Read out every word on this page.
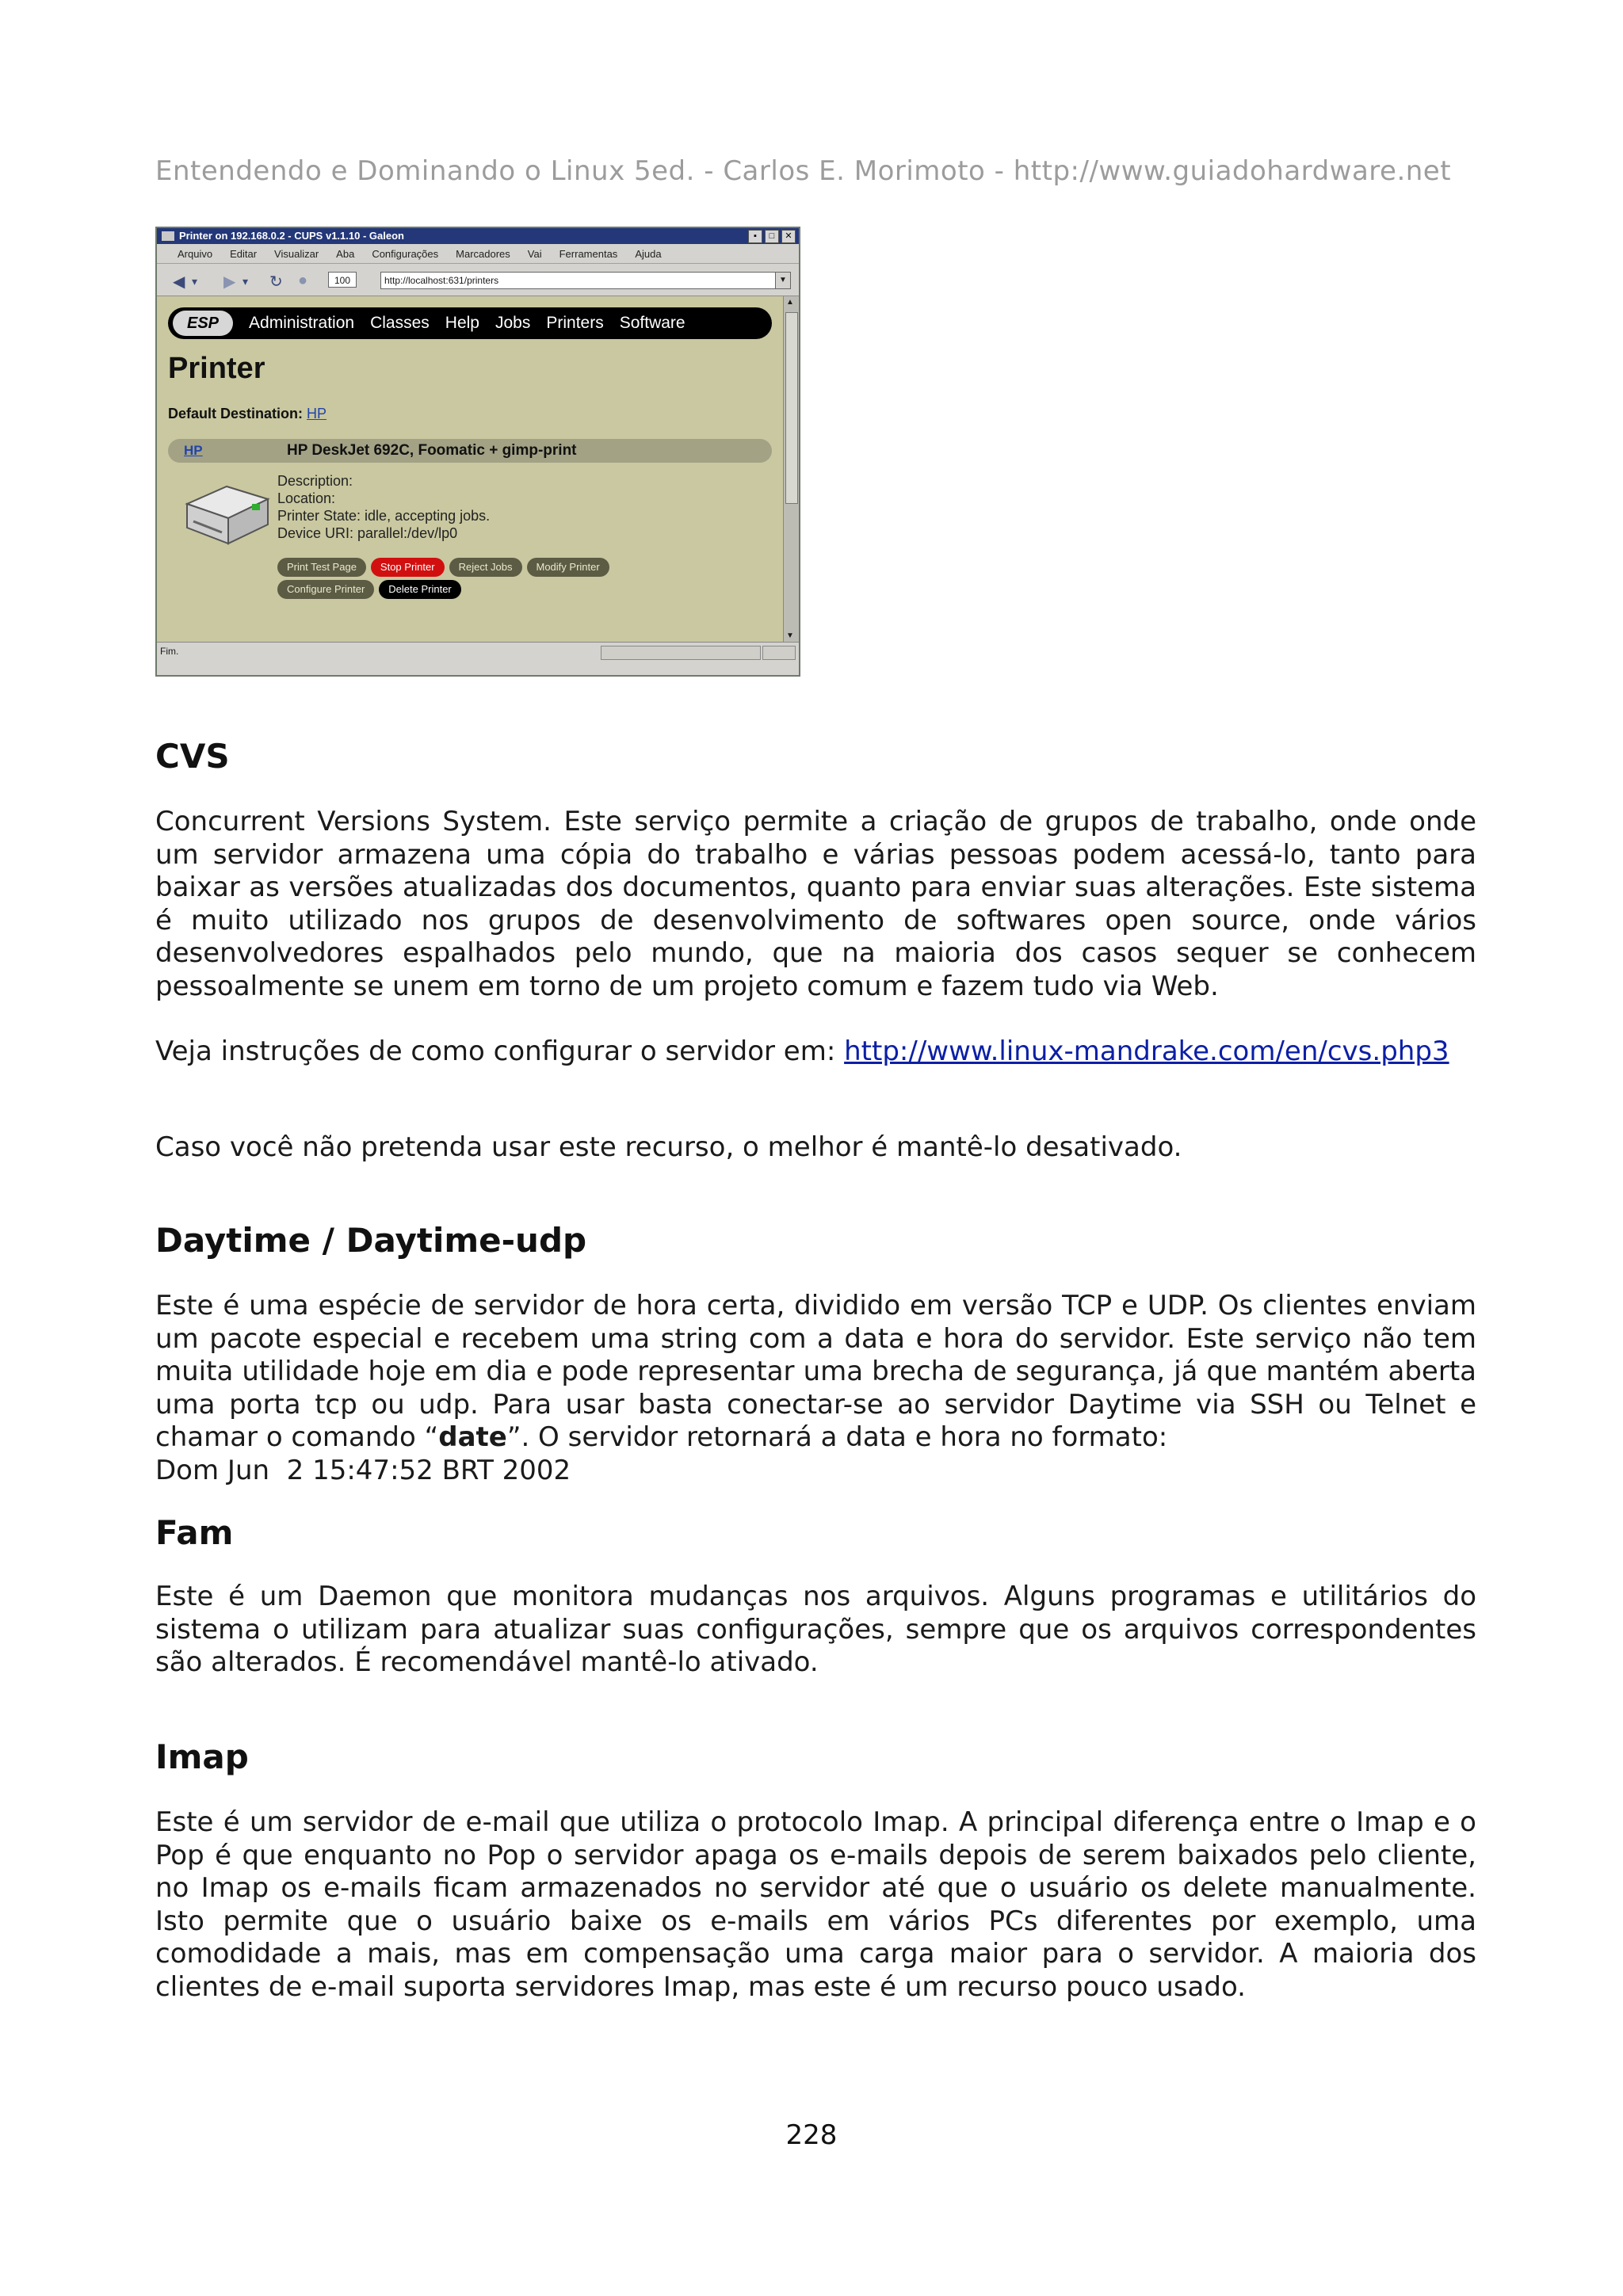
Entendendo e Dominando o Linux 5ed. - Carlos E. Morimoto - http://www.guiadohardware.net
Printer on 192.168.0.2 - CUPS v1.1.10 - Galeon	▪	□	✕
Arquivo Editar Visualizar Aba Configurações Marcadores Vai Ferramentas Ajuda
◀ ▾ ▶ ▾ ↻ ●	100	http://localhost:631/printers	▼
ESP	Administration Classes Help Jobs Printers Software
Printer
Default Destination: HP
HP	HP DeskJet 692C, Foomatic + gimp-print
Description:
Location:
Printer State: idle, accepting jobs.
Device URI: parallel:/dev/lp0
Print Test Page	Stop Printer	Reject Jobs	Modify Printer
Configure Printer	Delete Printer
▲
▼
Fim.
CVS

Concurrent Versions System. Este serviço permite a criação de grupos de trabalho, onde onde um servidor armazena uma cópia do trabalho e várias pessoas podem acessá-lo, tanto para baixar as versões atualizadas dos documentos, quanto para enviar suas alterações. Este sistema é muito utilizado nos grupos de desenvolvimento de softwares open source, onde vários desenvolvedores espalhados pelo mundo, que na maioria dos casos sequer se conhecem pessoalmente se unem em torno de um projeto comum e fazem tudo via Web.

Veja instruções de como configurar o servidor em: http://www.linux-mandrake.com/en/cvs.php3

Caso você não pretenda usar este recurso, o melhor é mantê-lo desativado.

Daytime / Daytime-udp

Este é uma espécie de servidor de hora certa, dividido em versão TCP e UDP. Os clientes enviam um pacote especial e recebem uma string com a data e hora do servidor. Este serviço não tem muita utilidade hoje em dia e pode representar uma brecha de segurança, já que mantém aberta uma porta tcp ou udp. Para usar basta conectar-se ao servidor Daytime via SSH ou Telnet e chamar o comando “date”. O servidor retornará a data e hora no formato:
Dom Jun  2 15:47:52 BRT 2002

Fam

Este é um Daemon que monitora mudanças nos arquivos. Alguns programas e utilitários do sistema o utilizam para atualizar suas configurações, sempre que os arquivos correspondentes são alterados. É recomendável mantê-lo ativado.

Imap

Este é um servidor de e-mail que utiliza o protocolo Imap. A principal diferença entre o Imap e o Pop é que enquanto no Pop o servidor apaga os e-mails depois de serem baixados pelo cliente, no Imap os e-mails ficam armazenados no servidor até que o usuário os delete manualmente. Isto permite que o usuário baixe os e-mails em vários PCs diferentes por exemplo, uma comodidade a mais, mas em compensação uma carga maior para o servidor. A maioria dos clientes de e-mail suporta servidores Imap, mas este é um recurso pouco usado.

228
